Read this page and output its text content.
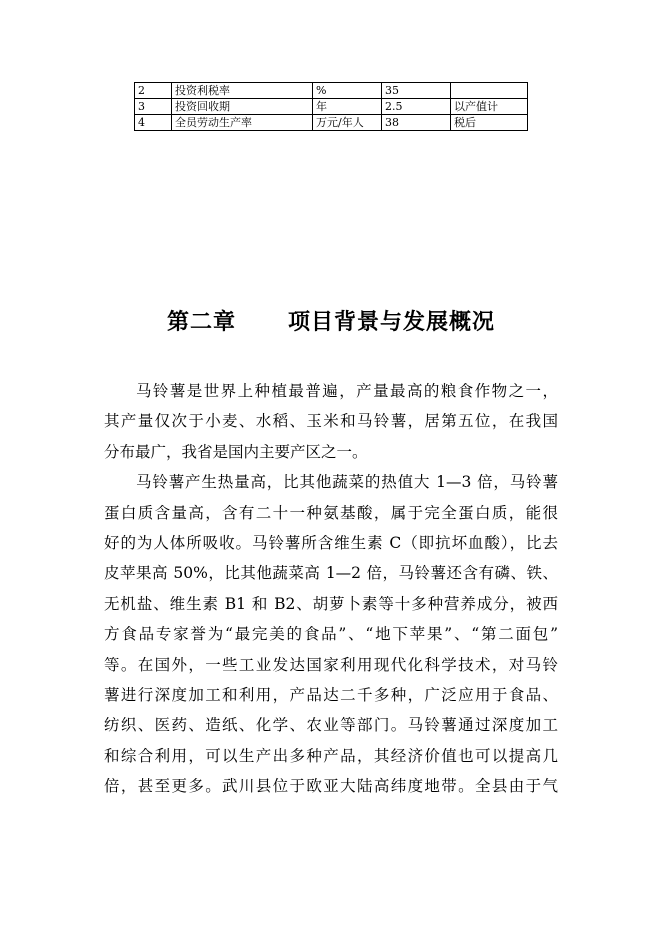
2	投资利税率	%	35	
3	投资回收期	年	2.5	以产值计
4	全员劳动生产率	万元/年人	38	税后
第二章      项目背景与发展概况
马铃薯是世界上种植最普遍，产量最高的粮食作物之一，
其产量仅次于小麦、水稻、玉米和马铃薯，居第五位，在我国
分布最广，我省是国内主要产区之一。
马铃薯产生热量高，比其他蔬菜的热值大 1—3 倍，马铃薯
蛋白质含量高，含有二十一种氨基酸，属于完全蛋白质，能很
好的为人体所吸收。马铃薯所含维生素 C（即抗坏血酸），比去
皮苹果高 50%，比其他蔬菜高 1—2 倍，马铃薯还含有磷、铁、
无机盐、维生素 B1 和 B2、胡萝卜素等十多种营养成分，被西
方食品专家誉为“最完美的食品”、“地下苹果”、“第二面包”
等。在国外，一些工业发达国家利用现代化科学技术，对马铃
薯进行深度加工和利用，产品达二千多种，广泛应用于食品、
纺织、医药、造纸、化学、农业等部门。马铃薯通过深度加工
和综合利用，可以生产出多种产品，其经济价值也可以提高几
倍，甚至更多。武川县位于欧亚大陆高纬度地带。全县由于气
